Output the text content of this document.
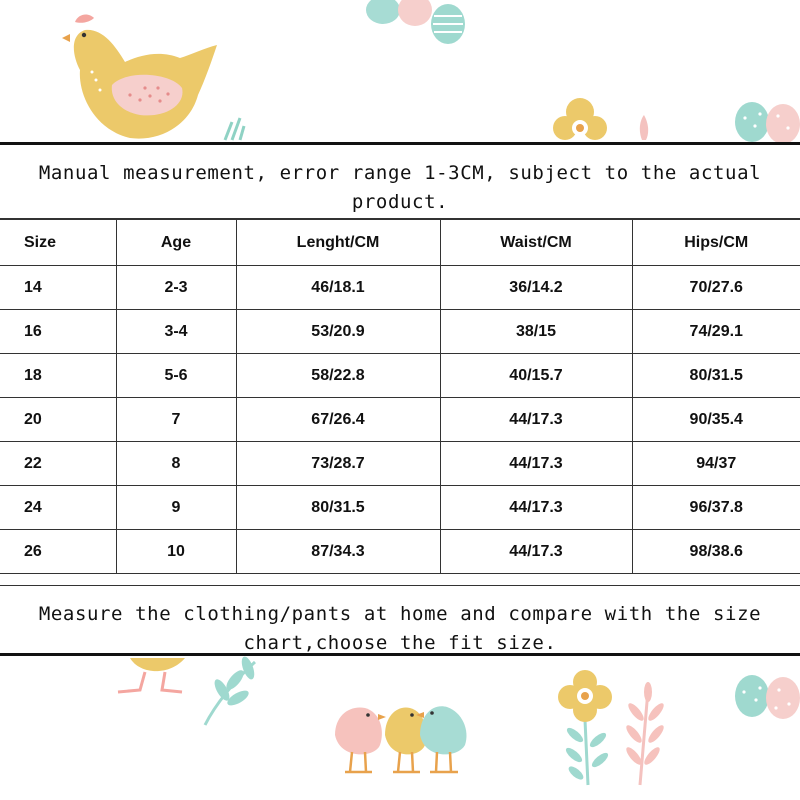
Manual measurement, error range 1-3CM, subject to the actual product.
Size	Age	Lenght/CM	Waist/CM	Hips/CM
14	2-3	46/18.1	36/14.2	70/27.6
16	3-4	53/20.9	38/15	74/29.1
18	5-6	58/22.8	40/15.7	80/31.5
20	7	67/26.4	44/17.3	90/35.4
22	8	73/28.7	44/17.3	94/37
24	9	80/31.5	44/17.3	96/37.8
26	10	87/34.3	44/17.3	98/38.6
Measure the clothing/pants at home and compare with the size chart,choose the fit size.
